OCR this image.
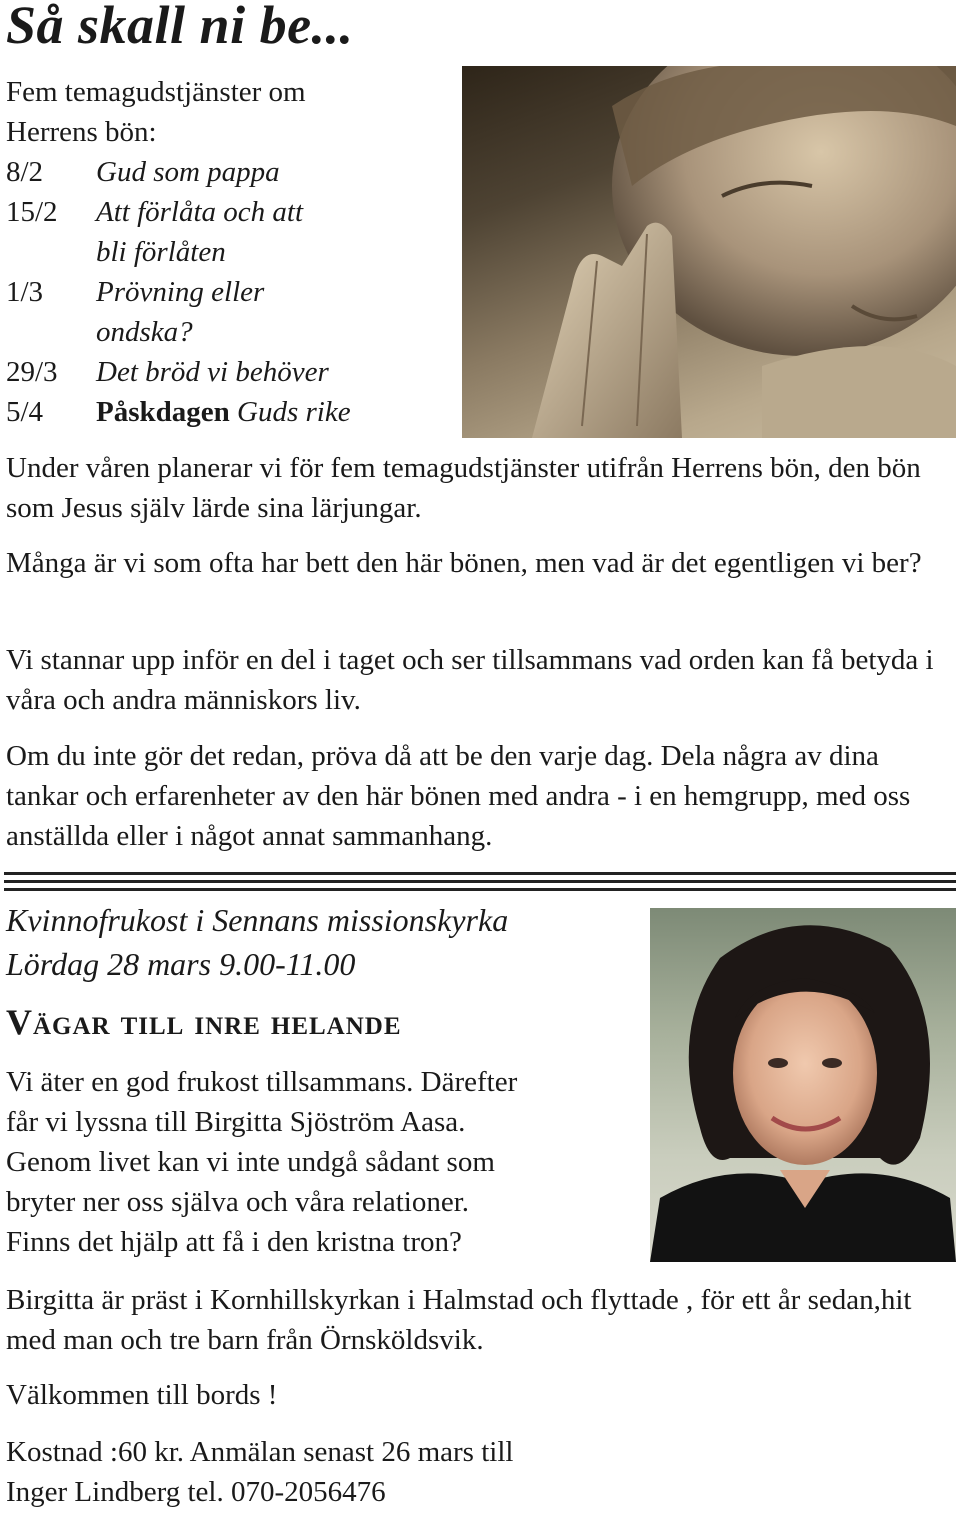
Så skall ni be...
Fem temagudstjänster om
Herrens bön:
8/2	Gud som pappa
15/2	Att förlåta och att
bli förlåten
1/3	Prövning eller
ondska?
29/3	Det bröd vi behöver
5/4	Påskdagen Guds rike
Under våren planerar vi för fem temagudstjänster utifrån Herrens bön, den bön som Jesus själv lärde sina lärjungar.
Många är vi som ofta har bett den här bönen, men vad är det egentligen vi ber?
Vi stannar upp inför en del i taget och ser tillsammans vad orden kan få betyda i våra och andra människors liv.
Om du inte gör det redan, pröva då att be den varje dag. Dela några av dina tankar och erfarenheter av den här bönen med andra - i en hemgrupp, med oss anställda eller i något annat sammanhang.
Kvinnofrukost i Sennans missionskyrka
Lördag 28 mars 9.00-11.00
Vägar till inre helande
Vi äter en god frukost tillsammans. Därefter
får vi lyssna till Birgitta Sjöström Aasa.
Genom livet kan vi inte undgå sådant som
bryter ner oss själva och våra relationer.
Finns det hjälp att få i den kristna tron?
Birgitta är präst i Kornhillskyrkan i Halmstad och flyttade , för ett år sedan,hit med man och tre barn från Örnsköldsvik.
Välkommen till bords !
Kostnad :60 kr. Anmälan senast 26 mars till
Inger Lindberg tel. 070-2056476
